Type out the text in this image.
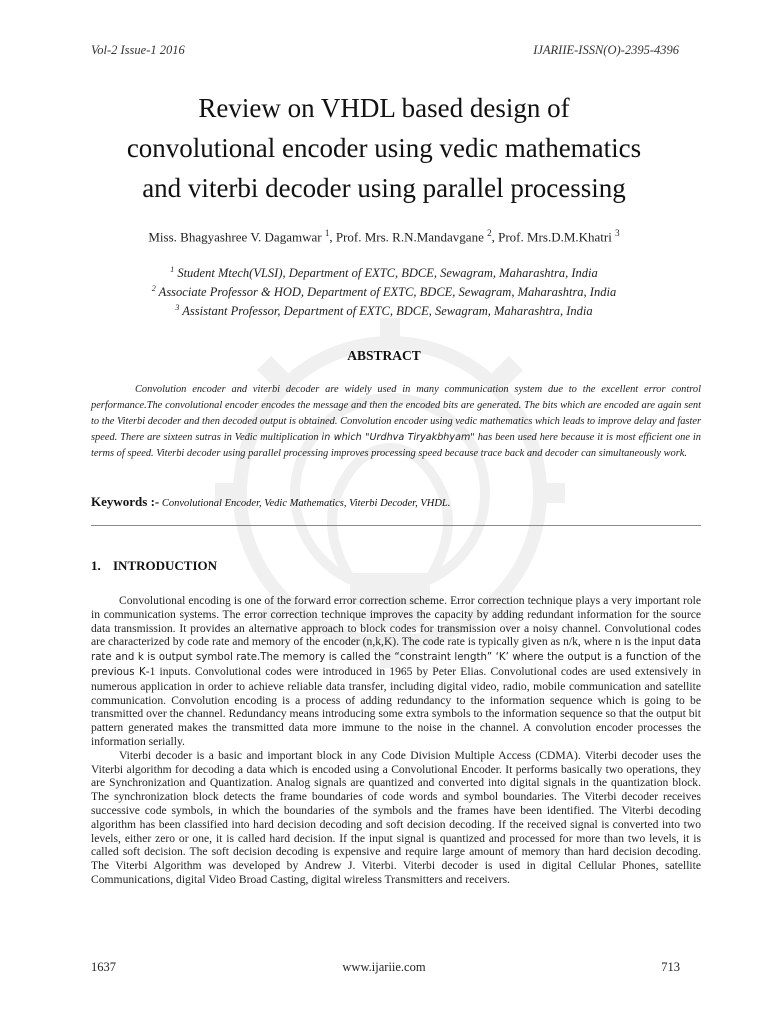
Vol-2 Issue-1 2016	IJARIIE-ISSN(O)-2395-4396
Review on VHDL based design of
convolutional encoder using vedic mathematics
and viterbi decoder using parallel processing
Miss. Bhagyashree V. Dagamwar $^1$, Prof. Mrs. R.N.Mandavgane $^2$, Prof. Mrs.D.M.Khatri $^3$
$^1$ Student Mtech(VLSI), Department of EXTC, BDCE, Sewagram, Maharashtra, India
$^2$ Associate Professor & HOD, Department of EXTC, BDCE, Sewagram, Maharashtra, India
$^3$ Assistant Professor, Department of EXTC, BDCE, Sewagram, Maharashtra, India
ABSTRACT
Convolution encoder and viterbi decoder are widely used in many communication system due to the excellent error control performance.The convolutional encoder encodes the message and then the encoded bits are generated. The bits which are encoded are again sent to the Viterbi decoder and then decoded output is obtained. Convolution encoder using vedic mathematics which leads to improve delay and faster speed. There are sixteen sutras in Vedic multiplication in which "Urdhva Tiryakbhyam" has been used here because it is most efficient one in terms of speed. Viterbi decoder using parallel processing improves processing speed because trace back and decoder can simultaneously work.
Keywords :- Convolutional Encoder, Vedic Mathematics, Viterbi Decoder, VHDL.
1. INTRODUCTION

Convolutional encoding is one of the forward error correction scheme. Error correction technique plays a very important role in communication systems. The error correction technique improves the capacity by adding redundant information for the source data transmission. It provides an alternative approach to block codes for transmission over a noisy channel. Convolutional codes are characterized by code rate and memory of the encoder (n,k,K). The code rate is typically given as n/k, where n is the input data rate and k is output symbol rate.The memory is called the “constraint length” ‘K’ where the output is a function of the previous K-1 inputs. Convolutional codes were introduced in 1965 by Peter Elias. Convolutional codes are used extensively in numerous application in order to achieve reliable data transfer, including digital video, radio, mobile communication and satellite communication. Convolution encoding is a process of adding redundancy to the information sequence which is going to be transmitted over the channel. Redundancy means introducing some extra symbols to the information sequence so that the output bit pattern generated makes the transmitted data more immune to the noise in the channel. A convolution encoder processes the information serially.

Viterbi decoder is a basic and important block in any Code Division Multiple Access (CDMA). Viterbi decoder uses the Viterbi algorithm for decoding a data which is encoded using a Convolutional Encoder. It performs basically two operations, they are Synchronization and Quantization. Analog signals are quantized and converted into digital signals in the quantization block. The synchronization block detects the frame boundaries of code words and symbol boundaries. The Viterbi decoder receives successive code symbols, in which the boundaries of the symbols and the frames have been identified. The Viterbi decoding algorithm has been classified into hard decision decoding and soft decision decoding. If the received signal is converted into two levels, either zero or one, it is called hard decision. If the input signal is quantized and processed for more than two levels, it is called soft decision. The soft decision decoding is expensive and require large amount of memory than hard decision decoding. The Viterbi Algorithm was developed by Andrew J. Viterbi. Viterbi decoder is used in digital Cellular Phones, satellite Communications, digital Video Broad Casting, digital wireless Transmitters and receivers.

1637	www.ijariie.com	713
